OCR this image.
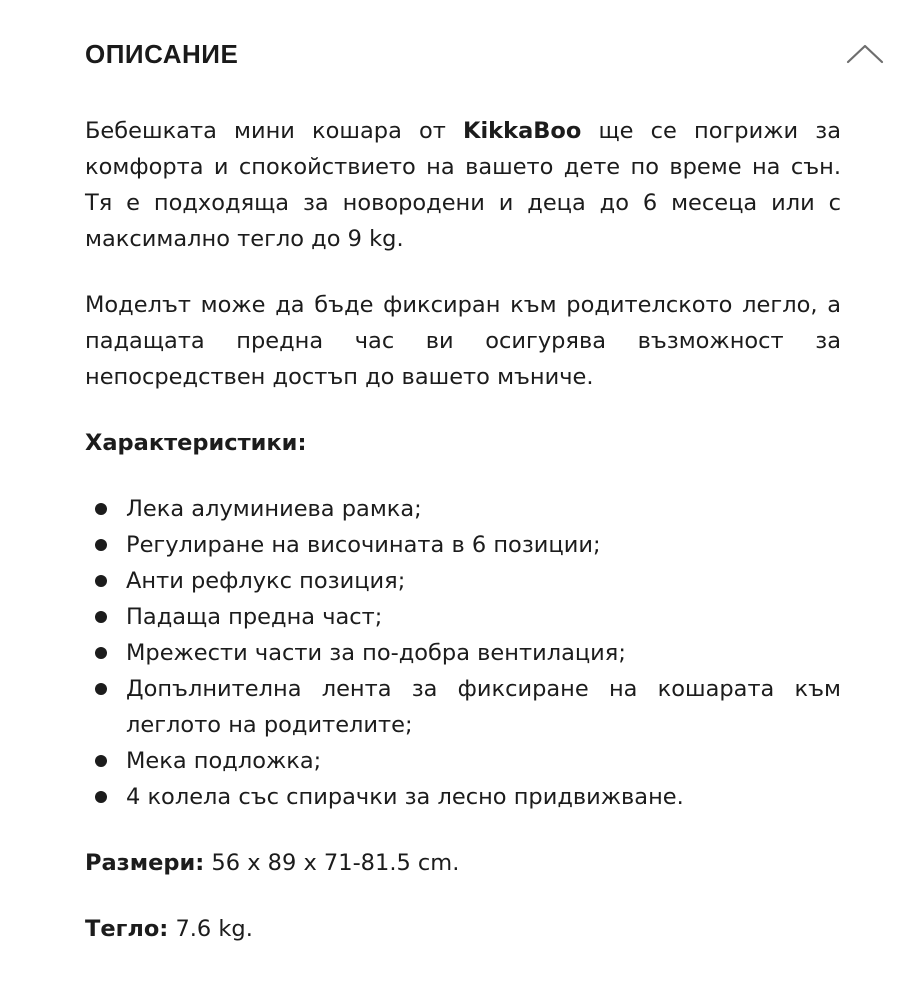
ОПИСАНИЕ

Бебешката мини кошара от KikkaBoo ще се погрижи за комфорта и спокойствието на вашето дете по време на сън. Тя е подходяща за новородени и деца до 6 месеца или с максимално тегло до 9 kg.

Моделът може да бъде фиксиран към родителското легло, а падащата предна час ви осигурява възможност за непосредствен достъп до вашето мъниче.

Характеристики:

Лека алуминиева рамка;
Регулиране на височината в 6 позиции;
Анти рефлукс позиция;
Падаща предна част;
Мрежести части за по-добра вентилация;
Допълнителна лента за фиксиране на кошарата към леглото на родителите;
Мека подложка;
4 колела със спирачки за лесно придвижване.

Размери: 56 x 89 x 71-81.5 cm.

Тегло: 7.6 kg.
